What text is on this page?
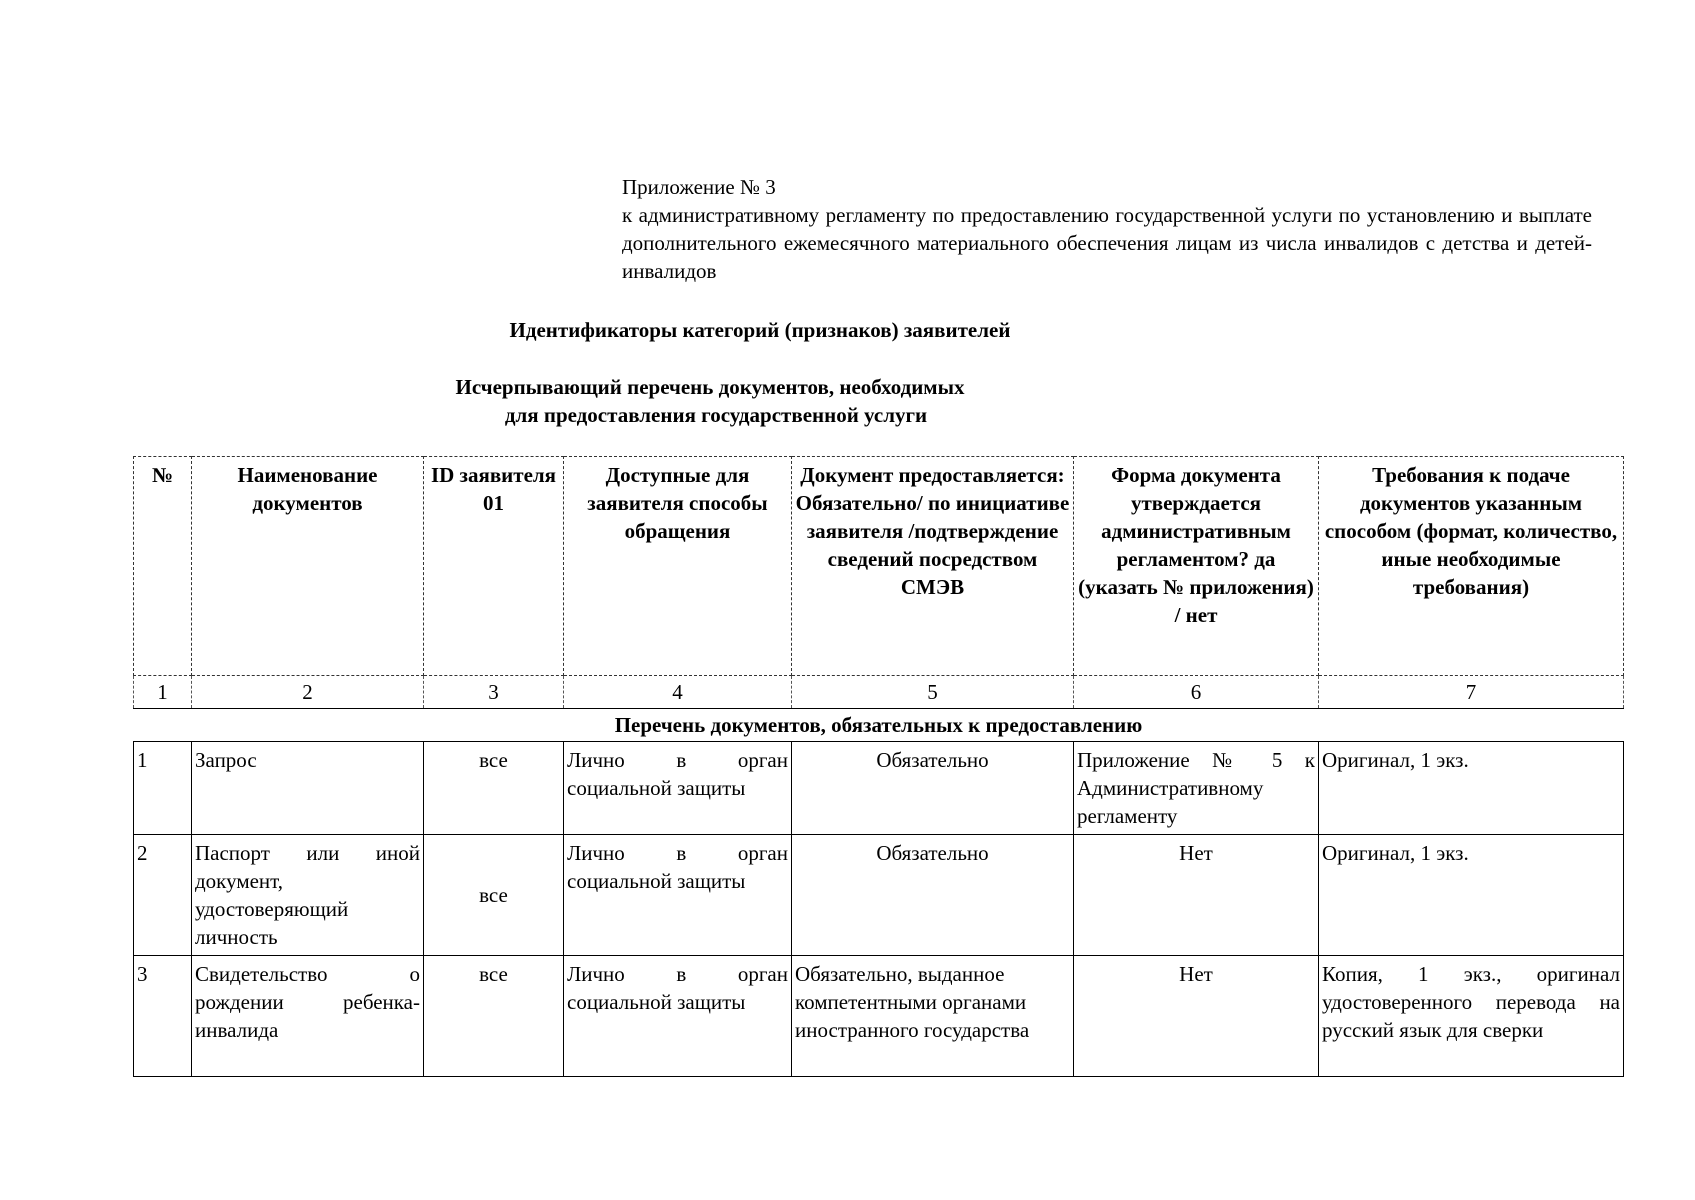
Приложение № 3
к административному регламенту по предоставлению государственной услуги по установлению и выплате дополнительного ежемесячного материального обеспечения лицам из числа инвалидов с детства и детей-инвалидов
Идентификаторы категорий (признаков) заявителей
Исчерпывающий перечень документов, необходимых
для предоставления государственной услуги
№	Наименование документов	ID заявителя 01	Доступные для заявителя способы обращения	Документ предоставляется: Обязательно/ по инициативе заявителя /подтверждение сведений посредством СМЭВ	Форма документа утверждается административным регламентом? да (указать № приложения) / нет	Требования к подаче документов указанным способом (формат, количество, иные необходимые требования)
1	2	3	4	5	6	7
Перечень документов, обязательных к предоставлению						
1	Запрос	все	Лично в орган социальной защиты	Обязательно	Приложение № 5 к Административному регламенту	Оригинал, 1 экз.
2	Паспорт или иной документ, удостоверяющий личность	все	Лично в орган социальной защиты	Обязательно	Нет	Оригинал, 1 экз.
3	Свидетельство о рождении ребенка-инвалида	все	Лично в орган социальной защиты	Обязательно, выданное компетентными органами иностранного государства	Нет	Копия, 1 экз., оригинал удостоверенного перевода на русский язык для сверки
